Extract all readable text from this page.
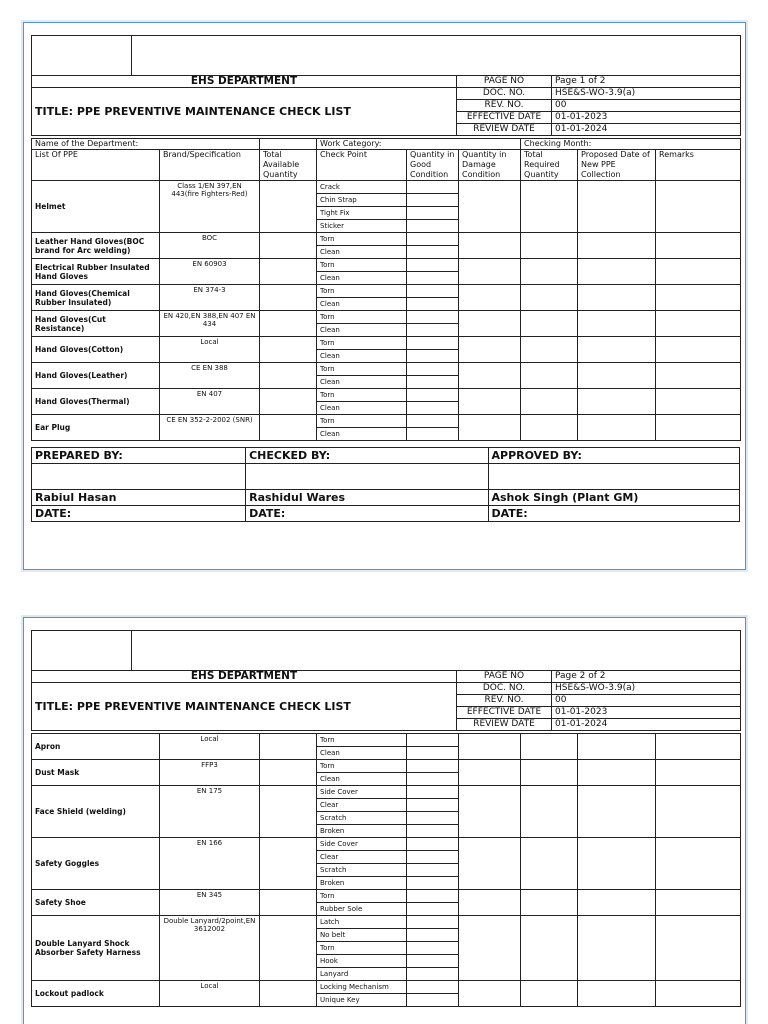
EHS DEPARTMENT		PAGE NO	Page 1 of 2
TITLE: PPE PREVENTIVE MAINTENANCE CHECK LIST		DOC. NO.	HSE&S-WO-3.9(a)
		REV. NO.	00
		EFFECTIVE DATE	01-01-2023
		REVIEW DATE	01-01-2024
Name of the Department:			Work Category:			Checking Month:		
List Of PPE	Brand/Specification	Total Available Quantity	Check Point	Quantity in Good Condition	Quantity in Damage Condition	Total Required Quantity	Proposed Date of New PPE Collection	Remarks
Helmet	Class 1/EN 397,EN 443(fire Fighters-Red)		Crack					
			Chin Strap					
			Tight Fix					
			Sticker					
Leather Hand Gloves(BOC brand for Arc welding)	BOC		Torn					
			Clean					
Electrical Rubber Insulated Hand Gloves	EN 60903		Torn					
			Clean					
Hand Gloves(Chemical Rubber Insulated)	EN 374-3		Torn					
			Clean					
Hand Gloves(Cut Resistance)	EN 420,EN 388,EN 407 EN 434		Torn					
			Clean					
Hand Gloves(Cotton)	Local		Torn					
			Clean					
Hand Gloves(Leather)	CE EN 388		Torn					
			Clean					
Hand Gloves(Thermal)	EN 407		Torn					
			Clean					
Ear Plug	CE EN 352-2-2002 (SNR)		Torn					
			Clean					
PREPARED BY:	CHECKED BY:	APPROVED BY:

Rabiul Hasan	Rashidul Wares	Ashok Singh (Plant GM)
DATE:	DATE:	DATE:

EHS DEPARTMENT		PAGE NO	Page 2 of 2
TITLE: PPE PREVENTIVE MAINTENANCE CHECK LIST		DOC. NO.	HSE&S-WO-3.9(a)
		REV. NO.	00
		EFFECTIVE DATE	01-01-2023
		REVIEW DATE	01-01-2024
Apron	Local		Torn					
			Clean					
Dust Mask	FFP3		Torn					
			Clean					
Face Shield (welding)	EN 175		Side Cover					
			Clear					
			Scratch					
			Broken					
Safety Goggles	EN 166		Side Cover					
			Clear					
			Scratch					
			Broken					
Safety Shoe	EN 345		Torn					
			Rubber Sole					
Double Lanyard Shock Absorber Safety Harness	Double Lanyard/2point,EN 3612002		Latch					
			No belt					
			Torn					
			Hook					
			Lanyard					
Lockout padlock	Local		Locking Mechanism					
			Unique Key					
